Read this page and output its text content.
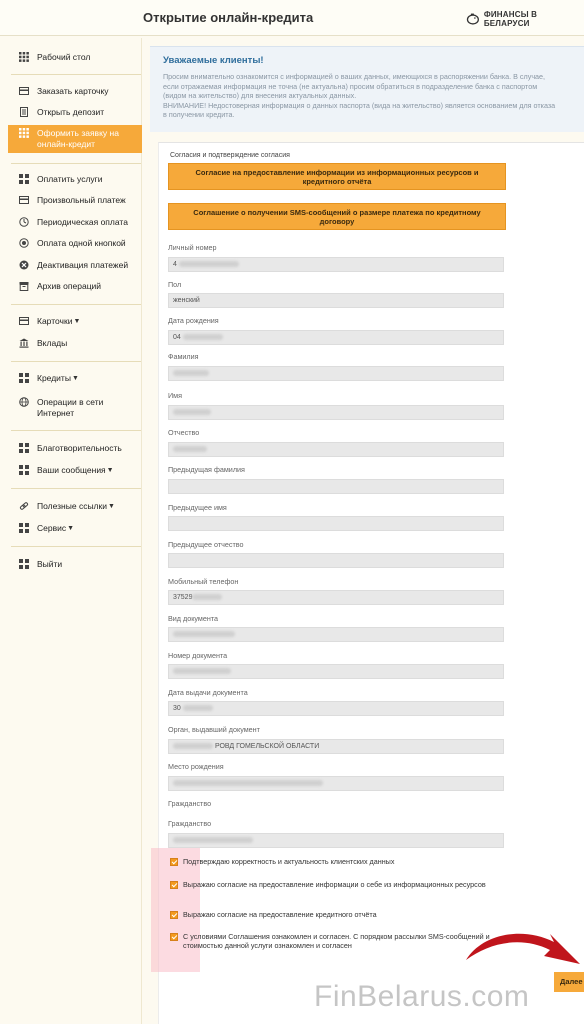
Открытие онлайн-кредита	ФИНАНСЫ В БЕЛАРУСИ
Рабочий стол
Заказать карточку
Открыть депозит
Оформить заявку на онлайн-кредит
Оплатить услуги
Произвольный платеж
Периодическая оплата
Оплата одной кнопкой
Деактивация платежей
Архив операций
Карточки ▼
Вклады
Кредиты ▼
Операции в сети Интернет
Благотворительность
Ваши сообщения ▼
Полезные ссылки ▼
Сервис ▼
Выйти
Уважаемые клиенты!
Просим внимательно ознакомится с информацией о ваших данных, имеющихся в распоряжении банка. В случае,
если отражаемая информация не точна (не актуальна) просим обратиться в подразделение банка с паспортом
(видом на жительство) для внесения актуальных данных.
ВНИМАНИЕ! Недостоверная информация о данных паспорта (вида на жительство) является основанием для отказа
в получении кредита.
Согласия и подтверждение согласия
Согласие на предоставление информации из информационных ресурсов и кредитного отчёта
Соглашение о получении SMS-сообщений о размере платежа по кредитному договору
Личный номер
4
Пол
женский
Дата рождения
04
Фамилия
Имя
Отчество
Предыдущая фамилия
Предыдущее имя
Предыдущее отчество
Мобильный телефон
37529
Вид документа
Номер документа
Дата выдачи документа
30
Орган, выдавший документ
РОВД ГОМЕЛЬСКОЙ ОБЛАСТИ
Место рождения
Гражданство
Гражданство
Подтверждаю корректность и актуальность клиентских данных
Выражаю согласие на предоставление информации о себе из информационных ресурсов
Выражаю согласие на предоставление кредитного отчёта
С условиями Соглашения ознакомлен и согласен. С порядком рассылки SMS-сообщений и стоимостью данной услуги ознакомлен и согласен
Далее
FinBelarus.com
